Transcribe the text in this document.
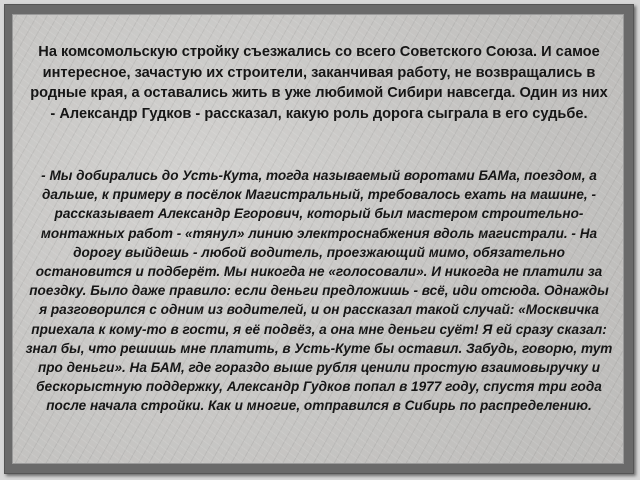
На комсомольскую стройку съезжались со всего Советского Союза. И самое интересное, зачастую их строители, заканчивая работу, не возвращались в родные края, а оставались жить в уже любимой Сибири навсегда. Один из них - Александр Гудков - рассказал, какую роль дорога сыграла в его судьбе.

- Мы добирались до Усть-Кута, тогда называемый воротами БАМа, поездом, а дальше, к примеру в посёлок Магистральный, требовалось ехать на машине, - рассказывает Александр Егорович, который был мастером строительно-монтажных работ - «тянул» линию электроснабжения вдоль магистрали. - На дорогу выйдешь - любой водитель, проезжающий мимо, обязательно остановится и подберёт. Мы никогда не «голосовали». И никогда не платили за поездку. Было даже правило: если деньги предложишь - всё, иди отсюда. Однажды я разговорился с одним из водителей, и он рассказал такой случай: «Москвичка приехала к кому-то в гости, я её подвёз, а она мне деньги суёт! Я ей сразу сказал: знал бы, что решишь мне платить, в Усть-Куте бы оставил. Забудь, говорю, тут про деньги». На БАМ, где гораздо выше рубля ценили простую взаимовыручку и бескорыстную поддержку, Александр Гудков попал в 1977 году, спустя три года после начала стройки. Как и многие, отправился в Сибирь по распределению.
